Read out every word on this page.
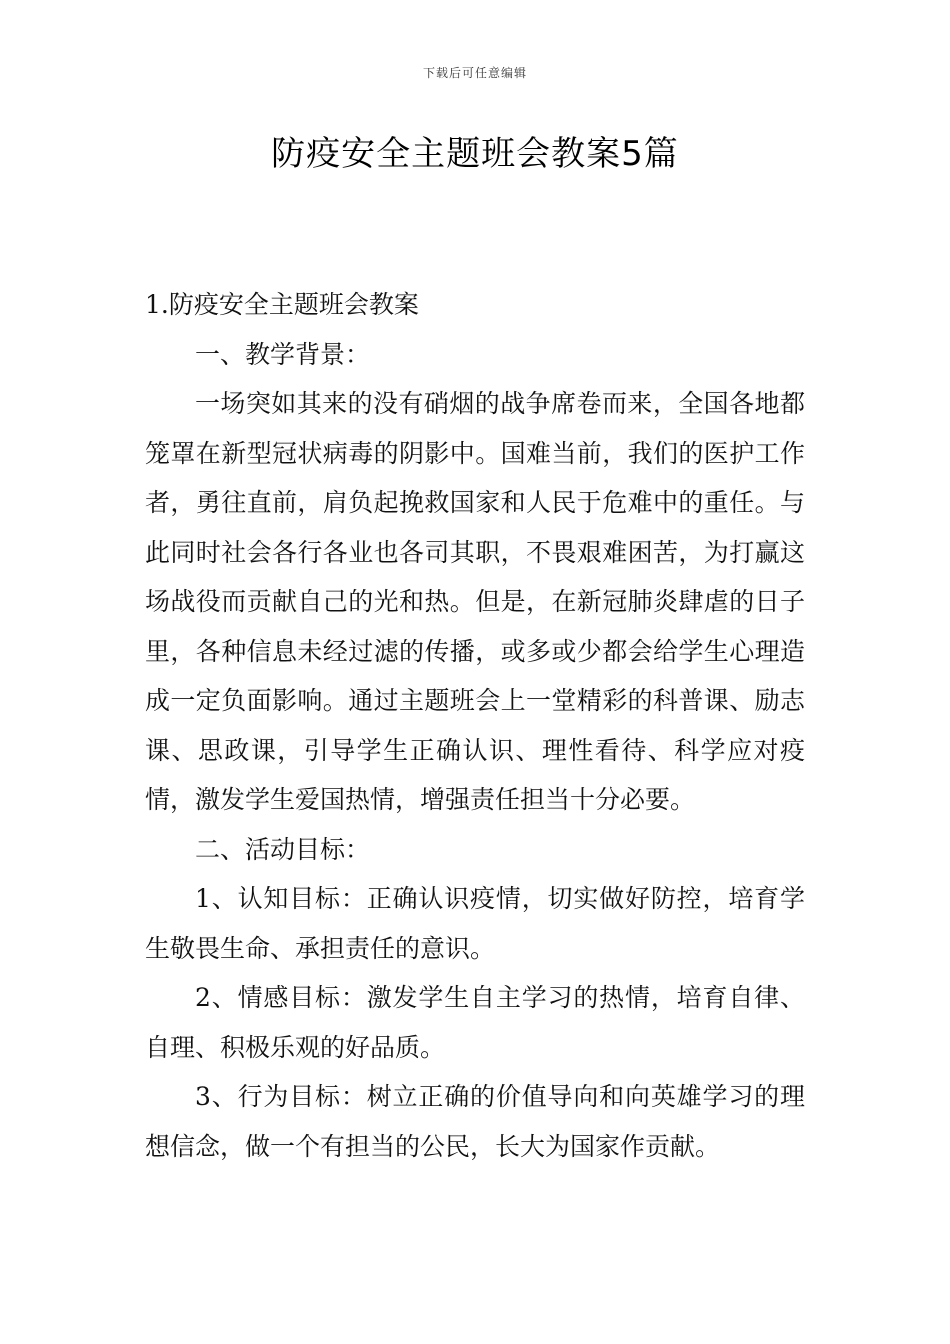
下载后可任意编辑
防疫安全主题班会教案5篇

1.防疫安全主题班会教案

一、教学背景：

一场突如其来的没有硝烟的战争席卷而来，全国各地都笼罩在新型冠状病毒的阴影中。国难当前，我们的医护工作者，勇往直前，肩负起挽救国家和人民于危难中的重任。与此同时社会各行各业也各司其职，不畏艰难困苦，为打赢这场战役而贡献自己的光和热。但是，在新冠肺炎肆虐的日子里，各种信息未经过滤的传播，或多或少都会给学生心理造成一定负面影响。通过主题班会上一堂精彩的科普课、励志课、思政课，引导学生正确认识、理性看待、科学应对疫情，激发学生爱国热情，增强责任担当十分必要。

二、活动目标：

1、认知目标：正确认识疫情，切实做好防控，培育学生敬畏生命、承担责任的意识。

2、情感目标：激发学生自主学习的热情，培育自律、自理、积极乐观的好品质。

3、行为目标：树立正确的价值导向和向英雄学习的理想信念，做一个有担当的公民，长大为国家作贡献。
